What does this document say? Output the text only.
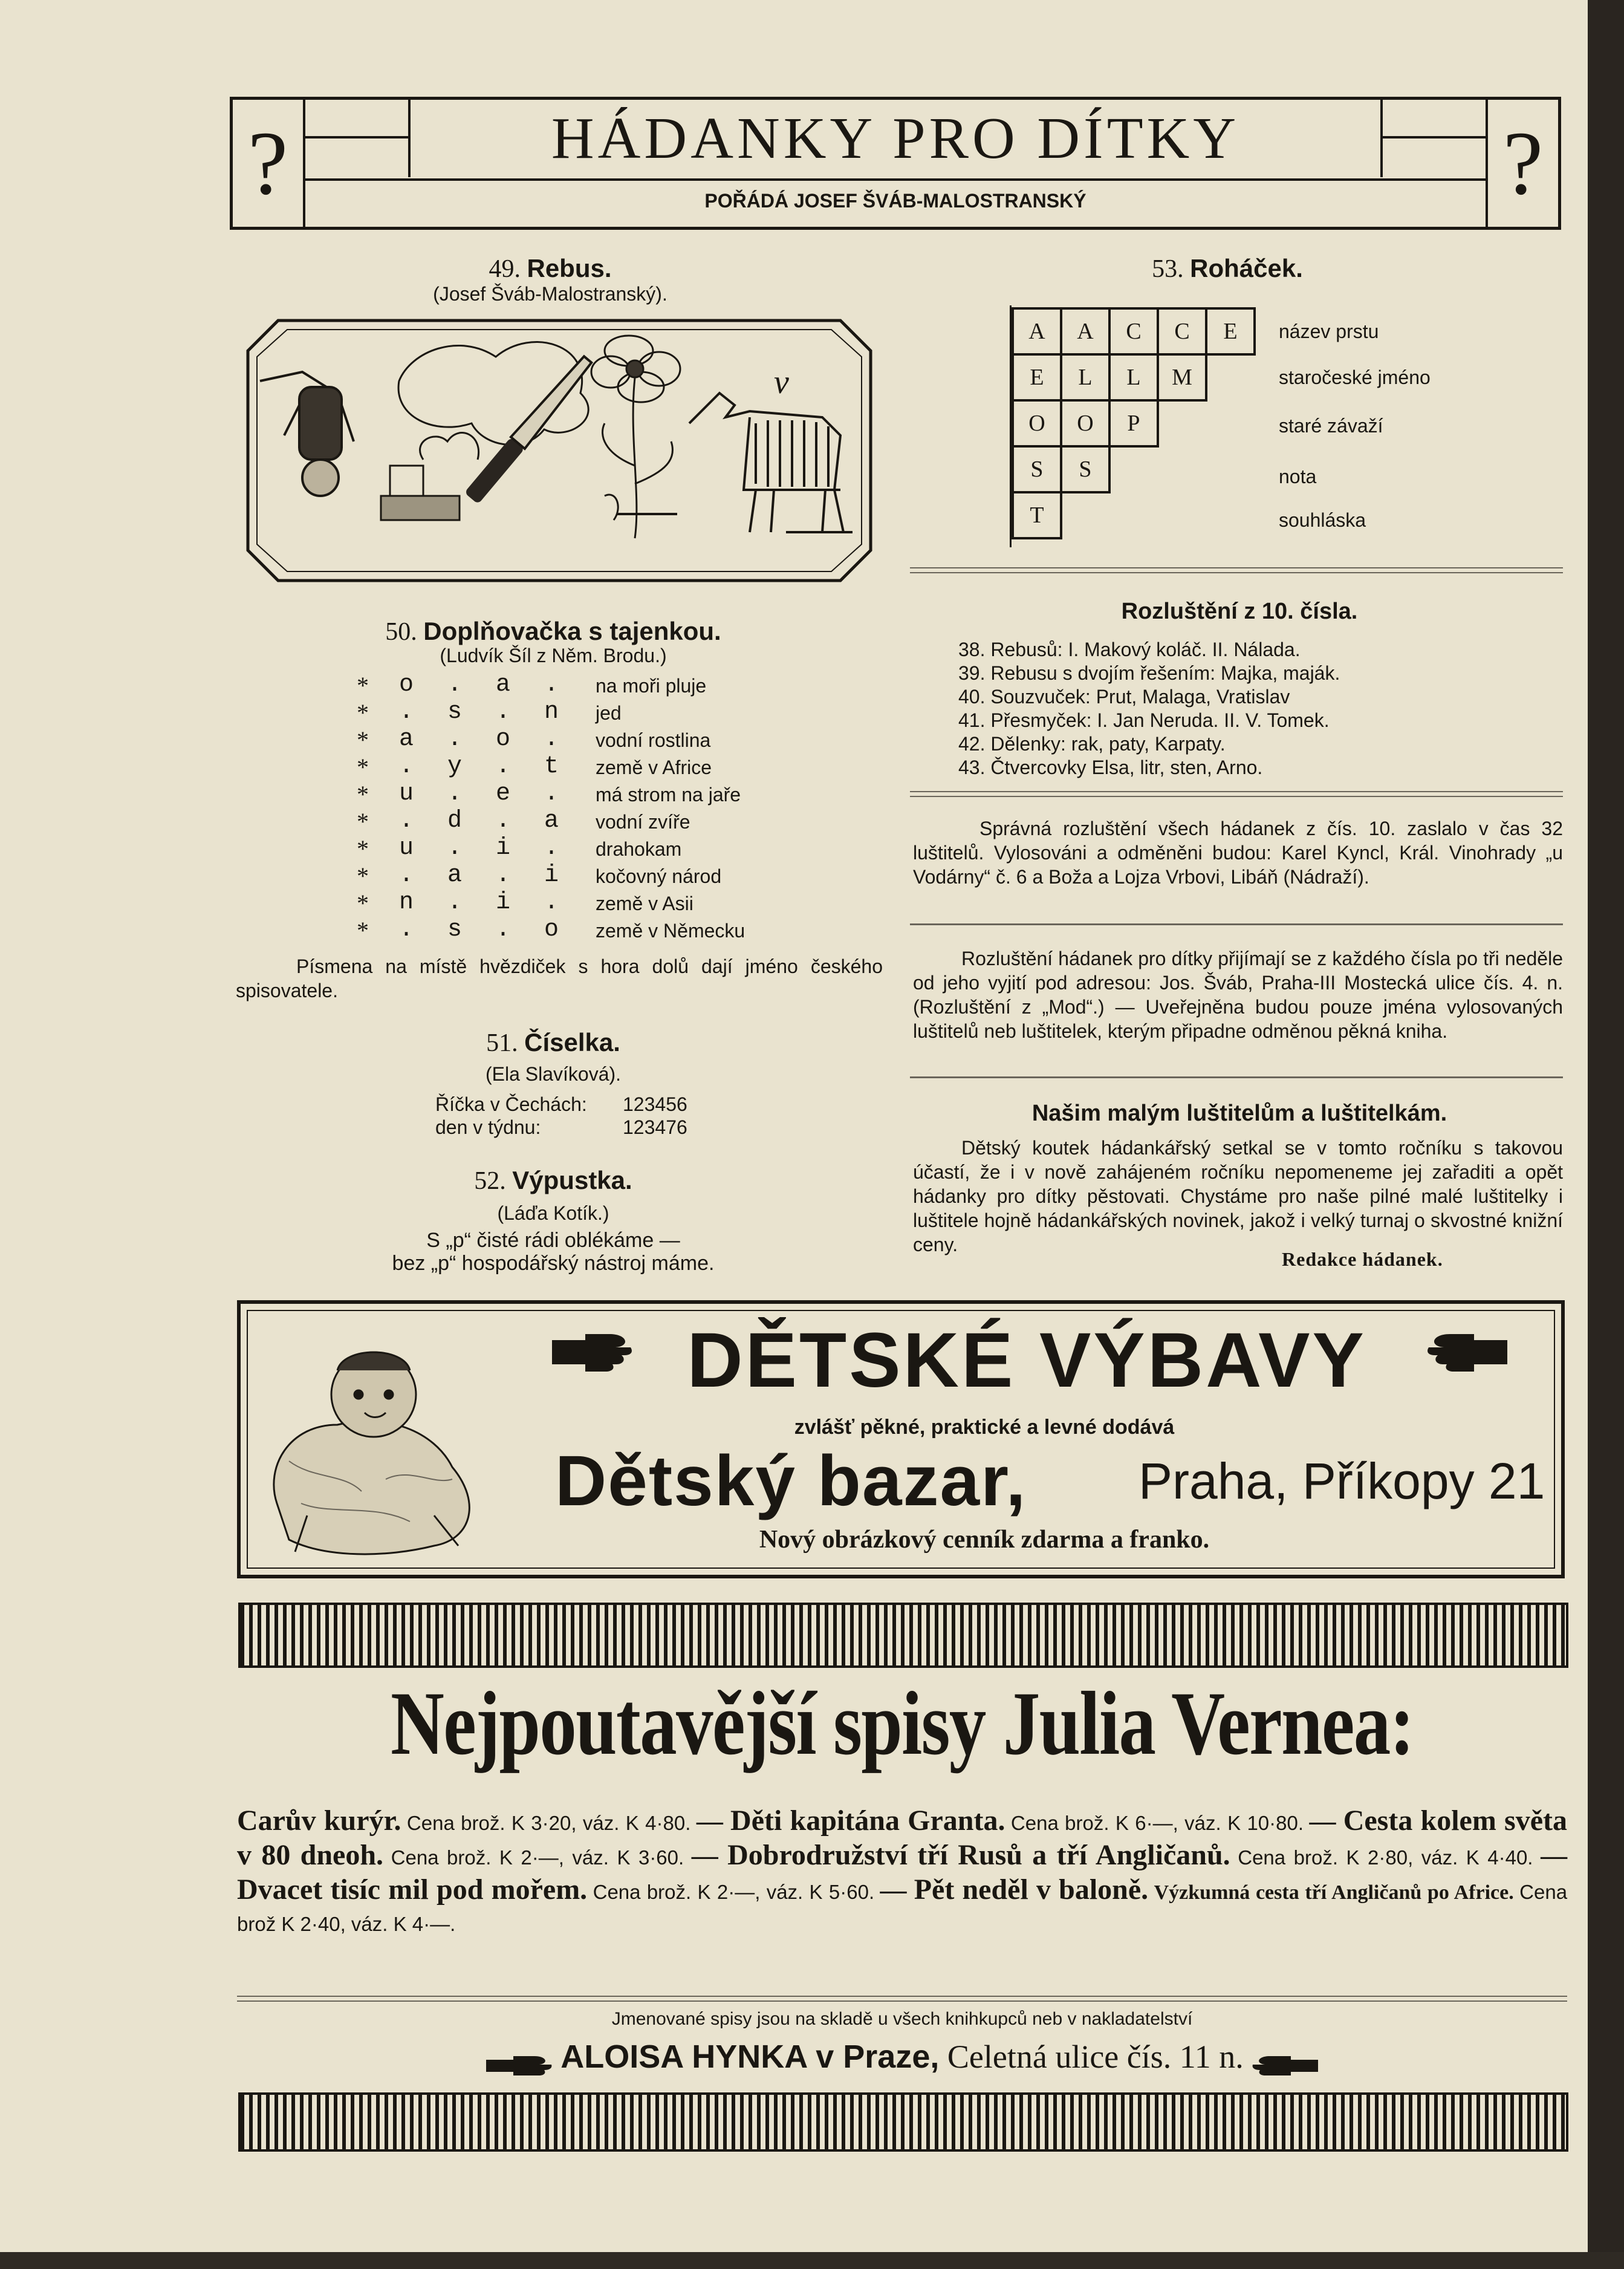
?	?
HÁDANKY PRO DÍTKY
POŘÁDÁ JOSEF ŠVÁB-MALOSTRANSKÝ
49. Rebus.
(Josef Šváb-Malostranský).
v
53. Roháček.
A	A	C	C	E
E	L	L	M
O	O	P
S	S
T
název prstu
staročeské jméno
staré závaží
nota
souhláska
50. Doplňovačka s tajenkou.
(Ludvík Šíl z Něm. Brodu.)
* o . a . na moři pluje
* . s . n jed
* a . o . vodní rostlina
* . y . t země v Africe
* u . e . má strom na jaře
* . d . a vodní zvíře
* u . i . drahokam
* . a . i kočovný národ
* n . i . země v Asii
* . s . o země v Německu
Písmena na místě hvězdiček s hora dolů dají jméno českého spisovatele.
51. Číselka.
(Ela Slavíková).
Říčka v Čechách: 123456
den v týdnu:	123476
52. Výpustka.
(Láďa Kotík.)
S „p“ čisté rádi oblékáme —
bez „p“ hospodářský nástroj máme.
Rozluštění z 10. čísla.
38. Rebusů: I. Makový koláč. II. Nálada.
39. Rebusu s dvojím řešením: Majka, maják.
40. Souzvuček: Prut, Malaga, Vratislav
41. Přesmyček: I. Jan Neruda. II. V. Tomek.
42. Dělenky: rak, paty, Karpaty.
43. Čtvercovky Elsa, litr, sten, Arno.
Správná rozluštění všech hádanek z čís. 10. zaslalo v čas 32 luštitelů. Vylosováni a odměněni budou: Karel Kyncl, Král. Vinohrady „u Vodárny“ č. 6 a Boža a Lojza Vrbovi, Libáň (Nádraží).
Rozluštění hádanek pro dítky přijímají se z každého čísla po tři neděle od jeho vyjití pod adresou: Jos. Šváb, Praha-III Mostecká ulice čís. 4. n. (Rozluštění z „Mod“.) — Uveřejněna budou pouze jména vylosovaných luštitelů neb luštitelek, kterým připadne odměnou pěkná kniha.
Našim malým luštitelům a luštitelkám.
Dětský koutek hádankářský setkal se v tomto ročníku s takovou účastí, že i v nově zahájeném ročníku nepomeneme jej zařaditi a opět hádanky pro dítky pěstovati. Chystáme pro naše pilné malé luštitelky i luštitele hojně hádankářských novinek, jakož i velký turnaj o skvostné knižní ceny.
Redakce hádanek.
DĚTSKÉ VÝBAVY
zvlášť pěkné, praktické a levné dodává
Dětský bazar, Praha, Příkopy 21
Nový obrázkový cenník zdarma a franko.
Nejpoutavější spisy Julia Vernea:
Carův kurýr. Cena brož. K 3·20, váz. K 4·80. — Děti kapitána Granta. Cena brož. K 6·—, váz. K 10·80. — Cesta kolem světa v 80 dneoh. Cena brož. K 2·—, váz. K 3·60. — Dobrodružství tří Rusů a tří Angličanů. Cena brož. K 2·80, váz. K 4·40. — Dvacet tisíc mil pod mořem. Cena brož. K 2·—, váz. K 5·60. — Pět neděl v baloně. Výzkumná cesta tří Angličanů po Africe. Cena brož K 2·40, váz. K 4·—.
Jmenované spisy jsou na skladě u všech knihkupců neb v nakladatelství
ALOISA HYNKA v Praze, Celetná ulice čís. 11 n.
